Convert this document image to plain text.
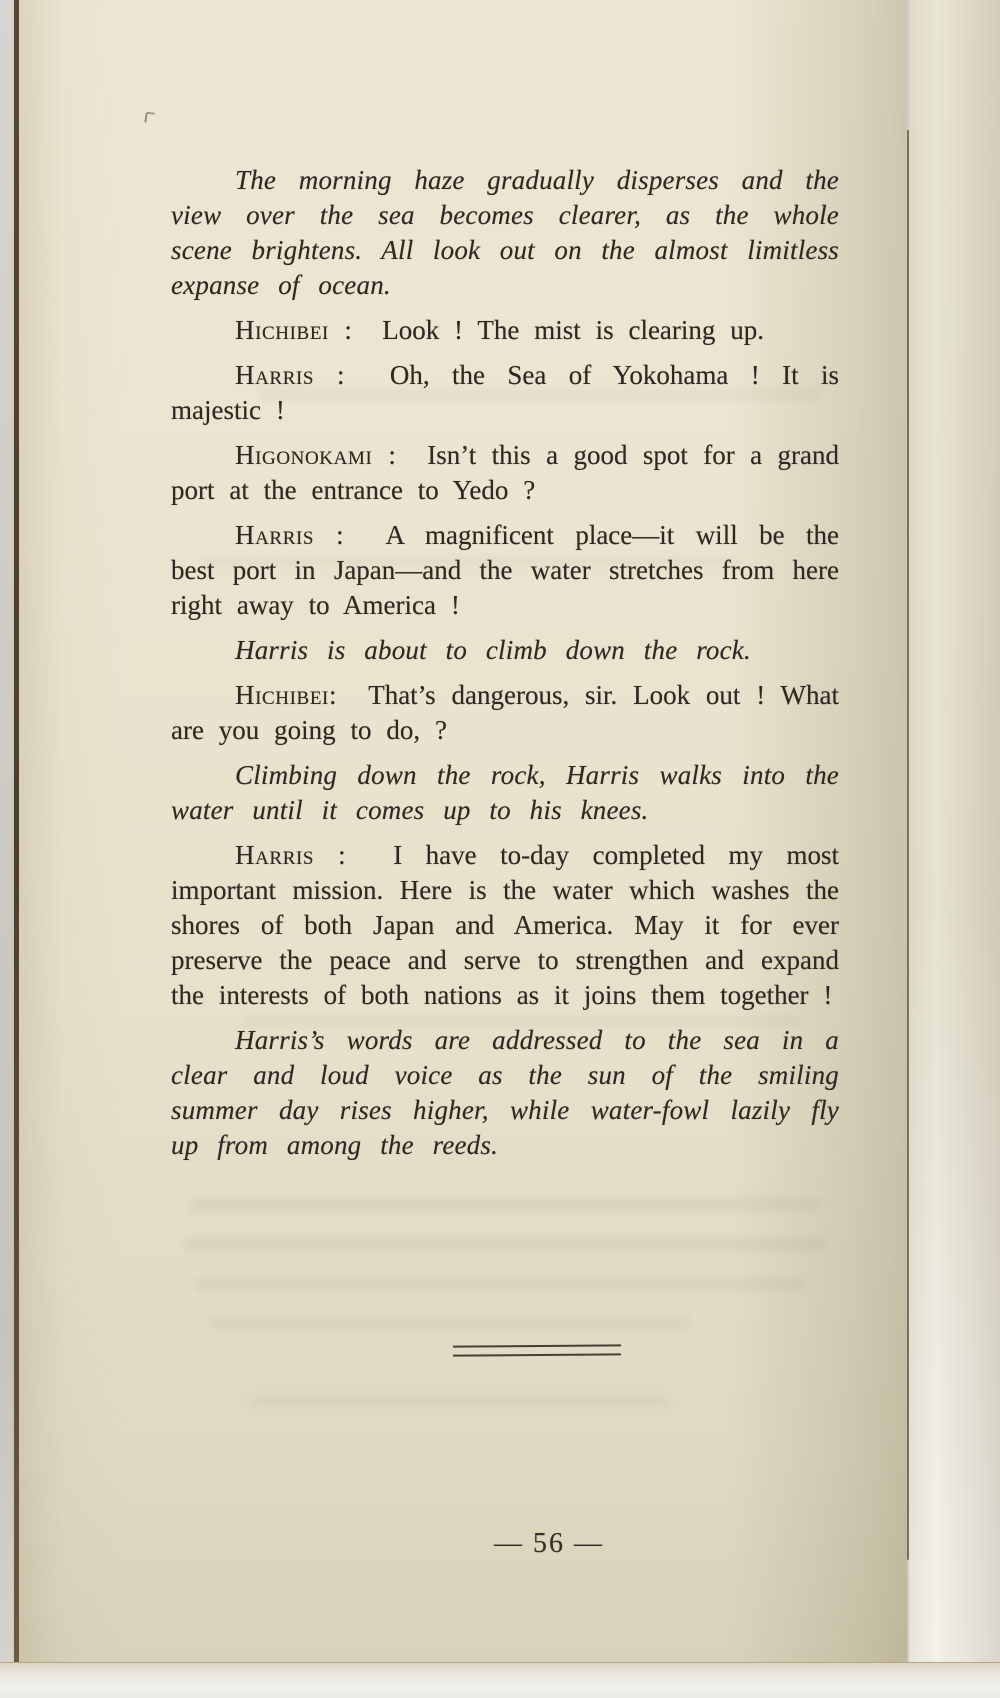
The morning haze gradually disperses and the view over the sea becomes clearer, as the whole scene brightens. All look out on the almost limitless expanse of ocean.

Hichibei : Look ! The mist is clearing up.

Harris : Oh, the Sea of Yokohama ! It is majestic !

Higonokami : Isn’t this a good spot for a grand port at the entrance to Yedo ?

Harris : A magnificent place—it will be the best port in Japan—and the water stretches from here right away to America !

Harris is about to climb down the rock.

Hichibei: That’s dangerous, sir. Look out ! What are you going to do, ?

Climbing down the rock, Harris walks into the water until it comes up to his knees.

Harris : I have to-day completed my most important mission. Here is the water which washes the shores of both Japan and America. May it for ever preserve the peace and serve to strengthen and expand the interests of both nations as it joins them together !

Harris’s words are addressed to the sea in a clear and loud voice as the sun of the smiling summer day rises higher, while water-fowl lazily fly up from among the reeds.

— 56 —
